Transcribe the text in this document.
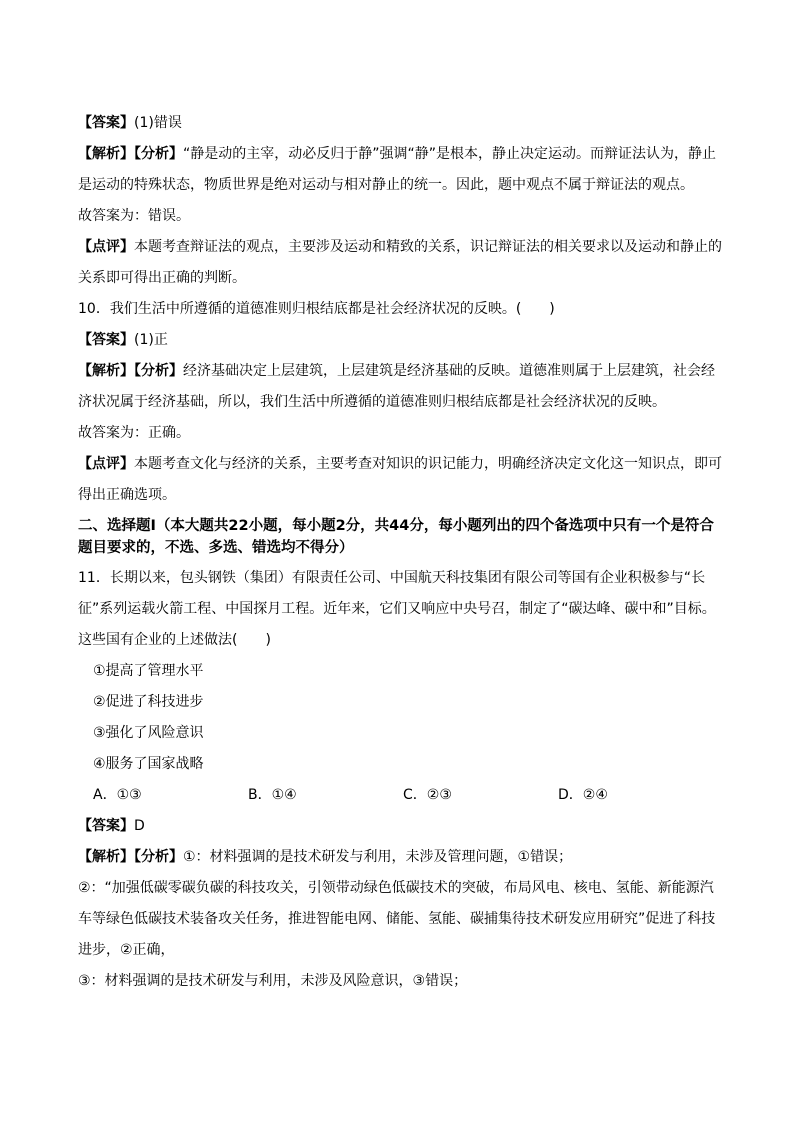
【答案】(1)错误

【解析】【分析】“静是动的主宰，动必反归于静”强调“静”是根本，静止决定运动。而辩证法认为，静止是运动的特殊状态，物质世界是绝对运动与相对静止的统一。因此，题中观点不属于辩证法的观点。

故答案为：错误。

【点评】本题考查辩证法的观点，主要涉及运动和精致的关系，识记辩证法的相关要求以及运动和静止的关系即可得出正确的判断。

10．我们生活中所遵循的道德准则归根结底都是社会经济状况的反映。(　　)

【答案】(1)正

【解析】【分析】经济基础决定上层建筑，上层建筑是经济基础的反映。道德准则属于上层建筑，社会经济状况属于经济基础，所以，我们生活中所遵循的道德准则归根结底都是社会经济状况的反映。

故答案为：正确。

【点评】本题考查文化与经济的关系，主要考查对知识的识记能力，明确经济决定文化这一知识点，即可得出正确选项。

二、选择题Ⅰ（本大题共22小题，每小题2分，共44分，每小题列出的四个备选项中只有一个是符合题目要求的，不选、多选、错选均不得分）

11．长期以来，包头钢铁（集团）有限责任公司、中国航天科技集团有限公司等国有企业积极参与“长征”系列运载火箭工程、中国探月工程。近年来，它们又响应中央号召，制定了“碳达峰、碳中和”目标。这些国有企业的上述做法(　　)

①提高了管理水平

②促进了科技进步

③强化了风险意识

④服务了国家战略

A．①③	B．①④	C．②③	D．②④

【答案】D

【解析】【分析】①：材料强调的是技术研发与利用，未涉及管理问题，①错误；

②：“加强低碳零碳负碳的科技攻关，引领带动绿色低碳技术的突破，布局风电、核电、氢能、新能源汽车等绿色低碳技术装备攻关任务，推进智能电网、储能、氢能、碳捕集待技术研发应用研究”促进了科技进步，②正确，

③：材料强调的是技术研发与利用，未涉及风险意识，③错误；
